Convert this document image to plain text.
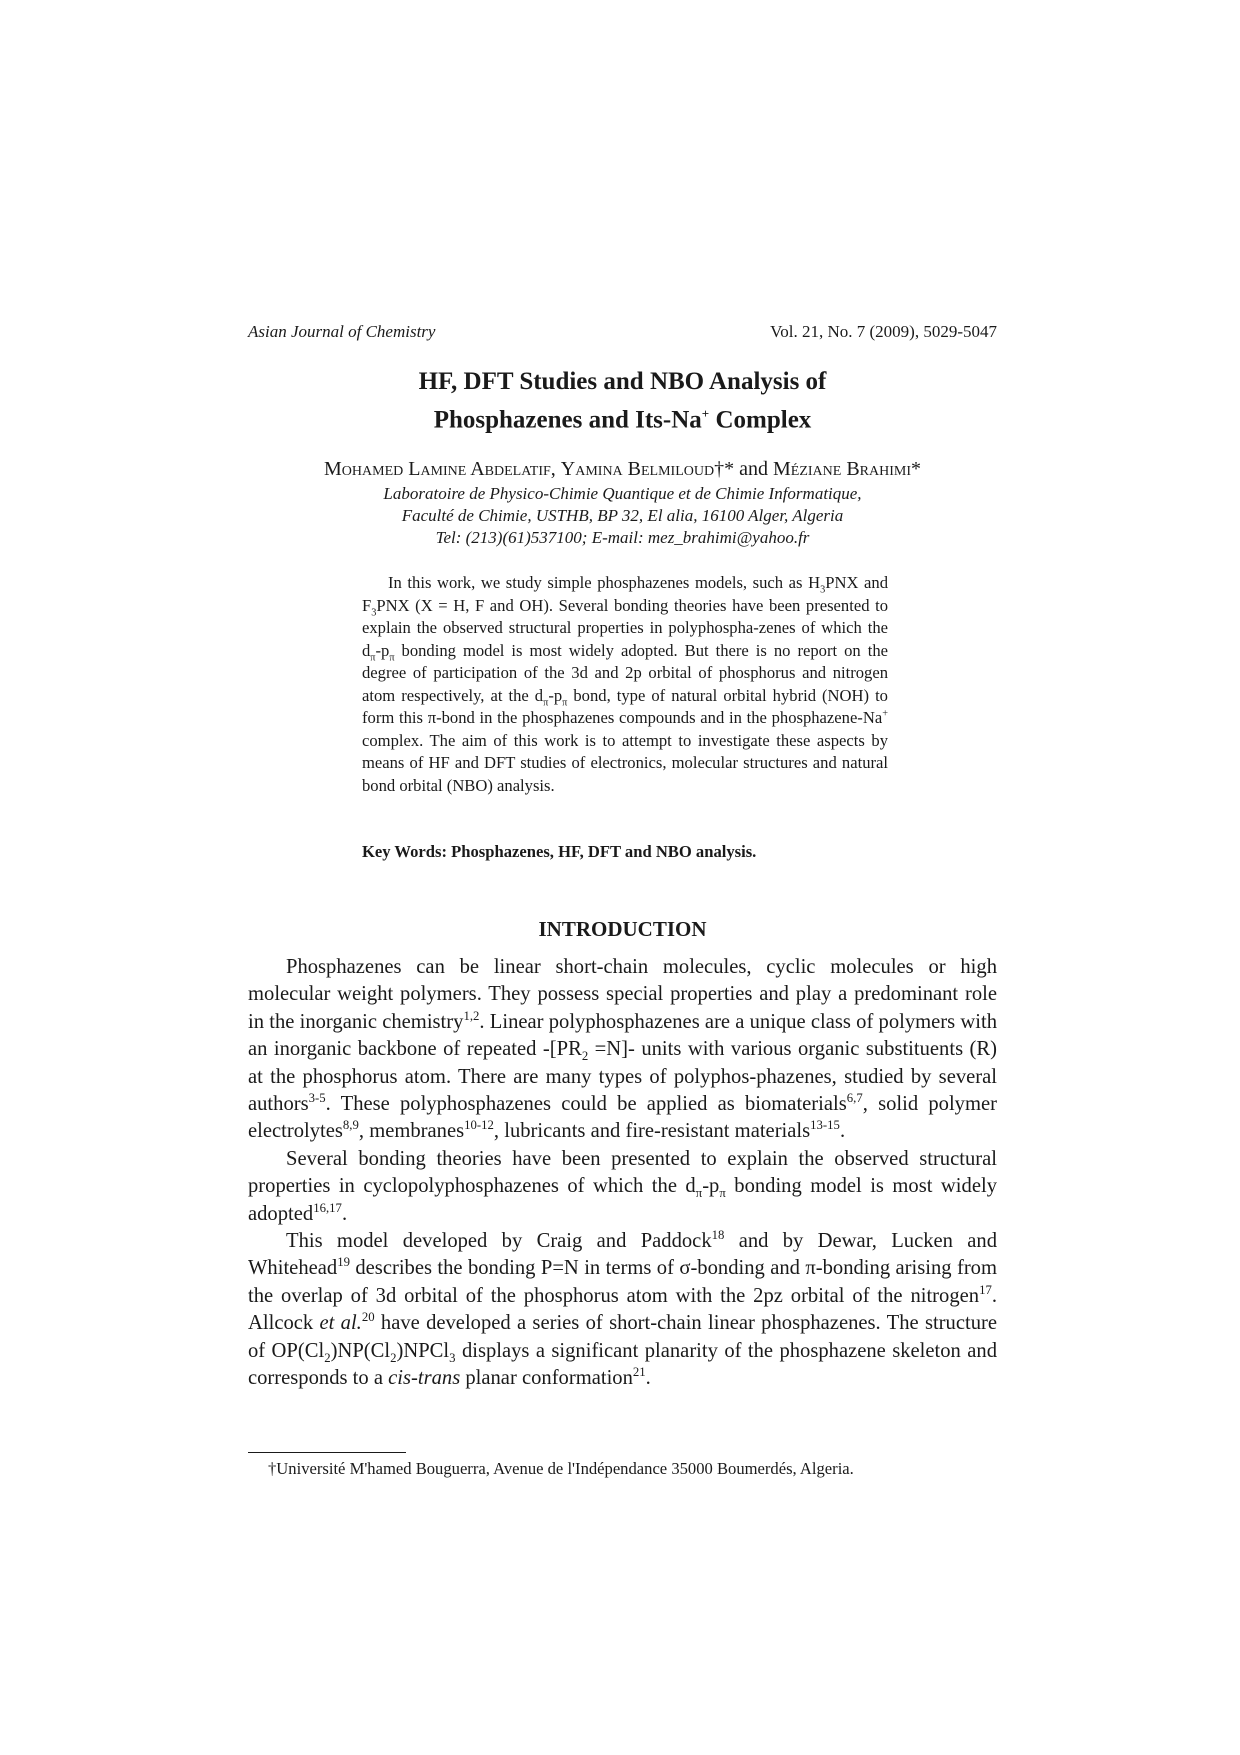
Asian Journal of Chemistry	Vol. 21, No. 7 (2009), 5029-5047
HF, DFT Studies and NBO Analysis of
Phosphazenes and Its-Na+ Complex
Mohamed Lamine Abdelatif, Yamina Belmiloud†* and Méziane Brahimi*
Laboratoire de Physico-Chimie Quantique et de Chimie Informatique,
Faculté de Chimie, USTHB, BP 32, El alia, 16100 Alger, Algeria
Tel: (213)(61)537100; E-mail: mez_brahimi@yahoo.fr
In this work, we study simple phosphazenes models, such as $H_3PNX$ and $F_3PNX$ (X = H, F and OH). Several bonding theories have been presented to explain the observed structural properties in polyphospha-zenes of which the $d_\pi-p_\pi$ bonding model is most widely adopted. But there is no report on the degree of participation of the 3d and 2p orbital of phosphorus and nitrogen atom respectively, at the $d_\pi-p_\pi$ bond, type of natural orbital hybrid (NOH) to form this π-bond in the phosphazenes compounds and in the phosphazene-Na+ complex. The aim of this work is to attempt to investigate these aspects by means of HF and DFT studies of electronics, molecular structures and natural bond orbital (NBO) analysis.
Key Words: Phosphazenes, HF, DFT and NBO analysis.
INTRODUCTION

Phosphazenes can be linear short-chain molecules, cyclic molecules or high molecular weight polymers. They possess special properties and play a predominant role in the inorganic chemistry$^{1,2}$. Linear polyphosphazenes are a unique class of polymers with an inorganic backbone of repeated $-[PR_2 =N]-$ units with various organic substituents (R) at the phosphorus atom. There are many types of polyphos-phazenes, studied by several authors$^{3-5}$. These polyphosphazenes could be applied as biomaterials$^{6,7}$, solid polymer electrolytes$^{8,9}$, membranes$^{10-12}$, lubricants and fire-resistant materials$^{13-15}$.

Several bonding theories have been presented to explain the observed structural properties in cyclopolyphosphazenes of which the $d_\pi-p_\pi$ bonding model is most widely adopted$^{16,17}$.

This model developed by Craig and Paddock$^{18}$ and by Dewar, Lucken and Whitehead$^{19}$ describes the bonding P=N in terms of σ-bonding and π-bonding arising from the overlap of 3d orbital of the phosphorus atom with the 2pz orbital of the nitrogen$^{17}$. Allcock et al.$^{20}$ have developed a series of short-chain linear phosphazenes. The structure of $OP(Cl_2)NP(Cl_2)NPCl_3$ displays a significant planarity of the phosphazene skeleton and corresponds to a cis-trans planar conformation$^{21}$.

†Université M'hamed Bouguerra, Avenue de l'Indépendance 35000 Boumerdés, Algeria.
